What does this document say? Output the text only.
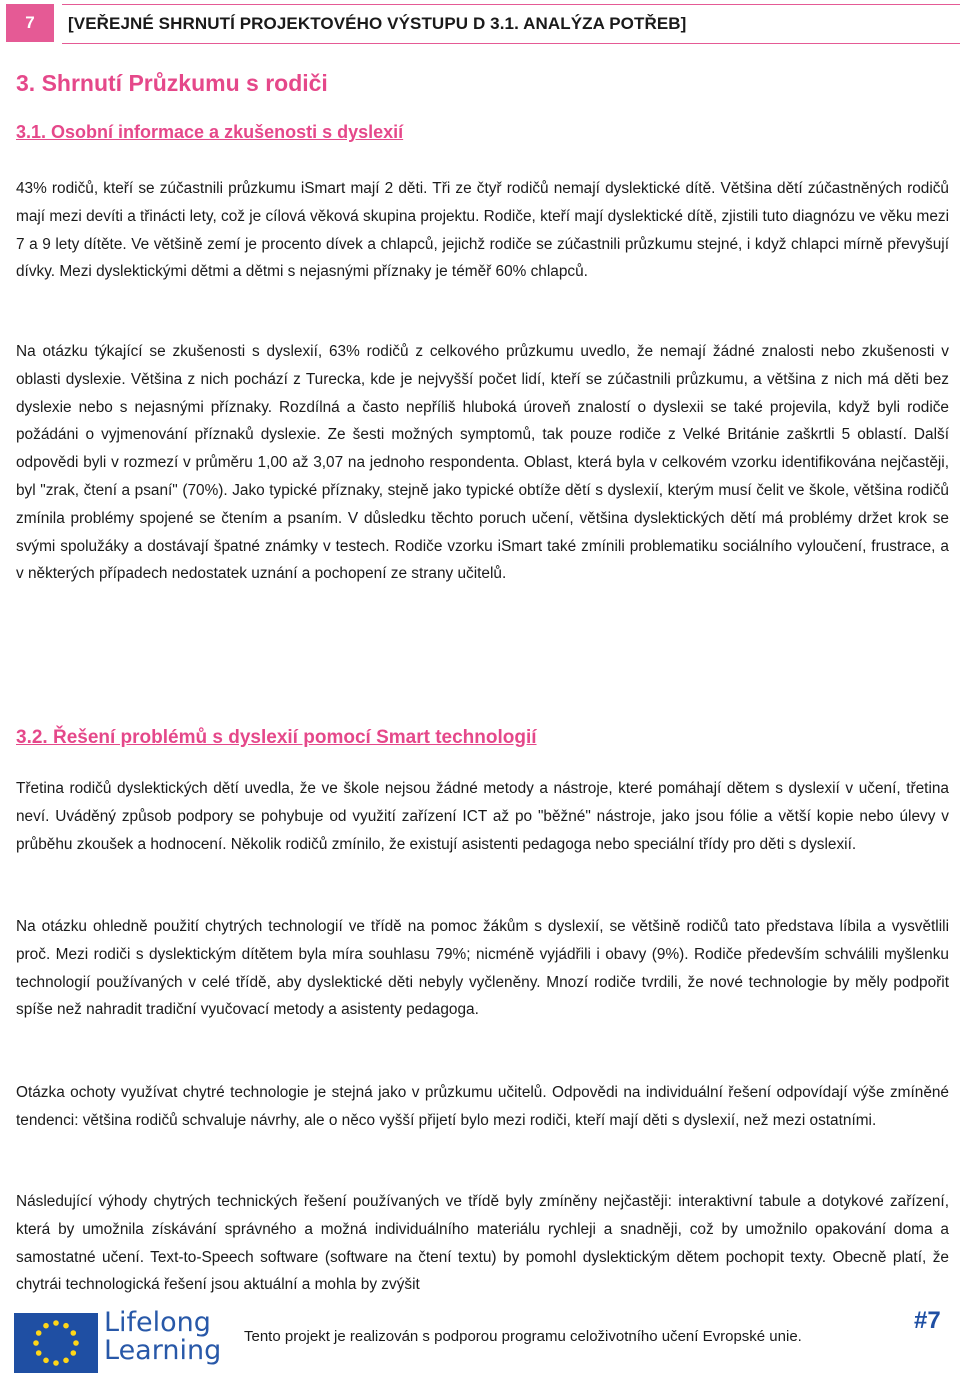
7	[VEŘEJNÉ SHRNUTÍ PROJEKTOVÉHO VÝSTUPU D 3.1. ANALÝZA POTŘEB]
3. Shrnutí Průzkumu s rodiči
3.1. Osobní informace a zkušenosti s dyslexií

43% rodičů, kteří se zúčastnili průzkumu iSmart mají 2 děti. Tři ze čtyř rodičů nemají dyslektické dítě. Většina dětí zúčastněných rodičů mají mezi devíti a třinácti lety, což je cílová věková skupina projektu. Rodiče, kteří mají dyslektické dítě, zjistili tuto diagnózu ve věku mezi 7 a 9 lety dítěte. Ve většině zemí je procento dívek a chlapců, jejichž rodiče se zúčastnili průzkumu stejné, i když chlapci mírně převyšují dívky. Mezi dyslektickými dětmi a dětmi s nejasnými příznaky je téměř 60% chlapců.

Na otázku týkající se zkušenosti s dyslexií, 63% rodičů z celkového průzkumu uvedlo, že nemají žádné znalosti nebo zkušenosti v oblasti dyslexie. Většina z nich pochází z Turecka, kde je nejvyšší počet lidí, kteří se zúčastnili průzkumu, a většina z nich má děti bez dyslexie nebo s nejasnými příznaky. Rozdílná a často nepříliš hluboká úroveň znalostí o dyslexii se také projevila, když byli rodiče požádáni o vyjmenování příznaků dyslexie. Ze šesti možných symptomů, tak pouze rodiče z Velké Británie zaškrtli 5 oblastí. Další odpovědi byli v rozmezí v průměru 1,00 až 3,07 na jednoho respondenta. Oblast, která byla v celkovém vzorku identifikována nejčastěji, byl "zrak, čtení a psaní" (70%). Jako typické příznaky, stejně jako typické obtíže dětí s dyslexií, kterým musí čelit ve škole, většina rodičů zmínila problémy spojené se čtením a psaním. V důsledku těchto poruch učení, většina dyslektických dětí má problémy držet krok se svými spolužáky a dostávají špatné známky v testech. Rodiče vzorku iSmart také zmínili problematiku sociálního vyloučení, frustrace, a v některých případech nedostatek uznání a pochopení ze strany učitelů.

3.2. Řešení problémů s dyslexií pomocí Smart technologií

Třetina rodičů dyslektických dětí uvedla, že ve škole nejsou žádné metody a nástroje, které pomáhají dětem s dyslexií v učení, třetina neví. Uváděný způsob podpory se pohybuje od využití zařízení ICT až po "běžné" nástroje, jako jsou fólie a větší kopie nebo úlevy v průběhu zkoušek a hodnocení. Několik rodičů zmínilo, že existují asistenti pedagoga nebo speciální třídy pro děti s dyslexií.

Na otázku ohledně použití chytrých technologií ve třídě na pomoc žákům s dyslexií, se většině rodičů tato představa líbila a vysvětlili proč. Mezi rodiči s dyslektickým dítětem byla míra souhlasu 79%; nicméně vyjádřili i obavy (9%). Rodiče především schválili myšlenku technologií používaných v celé třídě, aby dyslektické děti nebyly vyčleněny. Mnozí rodiče tvrdili, že nové technologie by měly podpořit spíše než nahradit tradiční vyučovací metody a asistenty pedagoga.

Otázka ochoty využívat chytré technologie je stejná jako v průzkumu učitelů. Odpovědi na individuální řešení odpovídají výše zmíněné tendenci: většina rodičů schvaluje návrhy, ale o něco vyšší přijetí bylo mezi rodiči, kteří mají děti s dyslexií, než mezi ostatními.

Následující výhody chytrých technických řešení používaných ve třídě byly zmíněny nejčastěji: interaktivní tabule a dotykové zařízení, která by umožnila získávání správného a možná individuálního materiálu rychleji a snadněji, což by umožnilo opakování doma a samostatné učení. Text-to-Speech software (software na čtení textu) by pomohl dyslektickým dětem pochopit texty. Obecně platí, že chytrái technologická řešení jsou aktuální a mohla by zvýšit

Lifelong
Learning Tento projekt je realizován s podporou programu celoživotního učení Evropské unie.
#7
